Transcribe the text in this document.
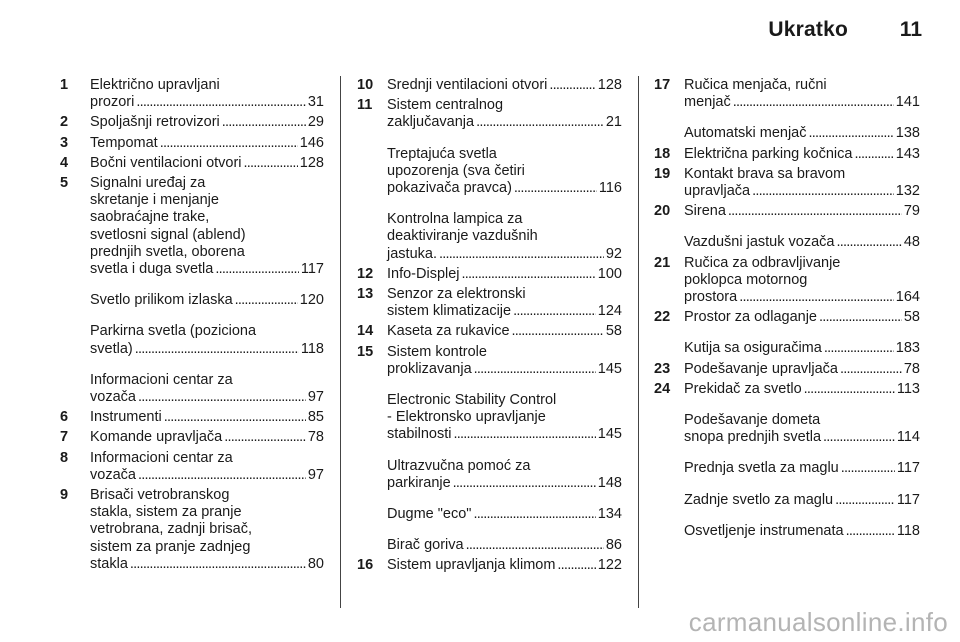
Ukratko 11
1 Električno upravljani
prozori . . .	31
2 Spoljašnji retrovizori . . .	29
3 Tempomat . . .	146
4 Bočni ventilacioni otvori . . .	128
5 Signalni uređaj za
skretanje i menjanje
saobraćajne trake,
svetlosni signal (ablend)
prednjih svetla, oborena
svetla i duga svetla . . .	117
Svetlo prilikom izlaska . . .	120
Parkirna svetla (poziciona
svetla) . . .	118
Informacioni centar za
vozača . . .	97
6 Instrumenti . . .	85
7 Komande upravljača . . .	78
8 Informacioni centar za
vozača . . .	97
9 Brisači vetrobranskog
stakla, sistem za pranje
vetrobrana, zadnji brisač,
sistem za pranje zadnjeg
stakla . . .	80
10 Srednji ventilacioni otvori . . .	128
11 Sistem centralnog
zaključavanja . . .	21
Treptajuća svetla
upozorenja (sva četiri
pokazivača pravca) . . .	116
Kontrolna lampica za
deaktiviranje vazdušnih
jastuka. . . .	92
12 Info-Displej . . .	100
13 Senzor za elektronski
sistem klimatizacije . . .	124
14 Kaseta za rukavice . . .	58
15 Sistem kontrole
proklizavanja . . .	145
Electronic Stability Control
- Elektronsko upravljanje
stabilnosti . . .	145
Ultrazvučna pomoć za
parkiranje . . .	148
Dugme "eco" . . .	134
Birač goriva . . .	86
16 Sistem upravljanja klimom . . .	122
17 Ručica menjača, ručni
menjač . . .	141
Automatski menjač . . .	138
18 Električna parking kočnica . . .	143
19 Kontakt brava sa bravom
upravljača . . .	132
20 Sirena . . .	79
Vazdušni jastuk vozača . . .	48
21 Ručica za odbravljivanje
poklopca motornog
prostora . . .	164
22 Prostor za odlaganje . . .	58
Kutija sa osiguračima . . .	183
23 Podešavanje upravljača . . .	78
24 Prekidač za svetlo . . .	113
Podešavanje dometa
snopa prednjih svetla . . .	114
Prednja svetla za maglu . . .	117
Zadnje svetlo za maglu . . .	117
Osvetljenje instrumenata . . .	118
carmanualsonline.info
